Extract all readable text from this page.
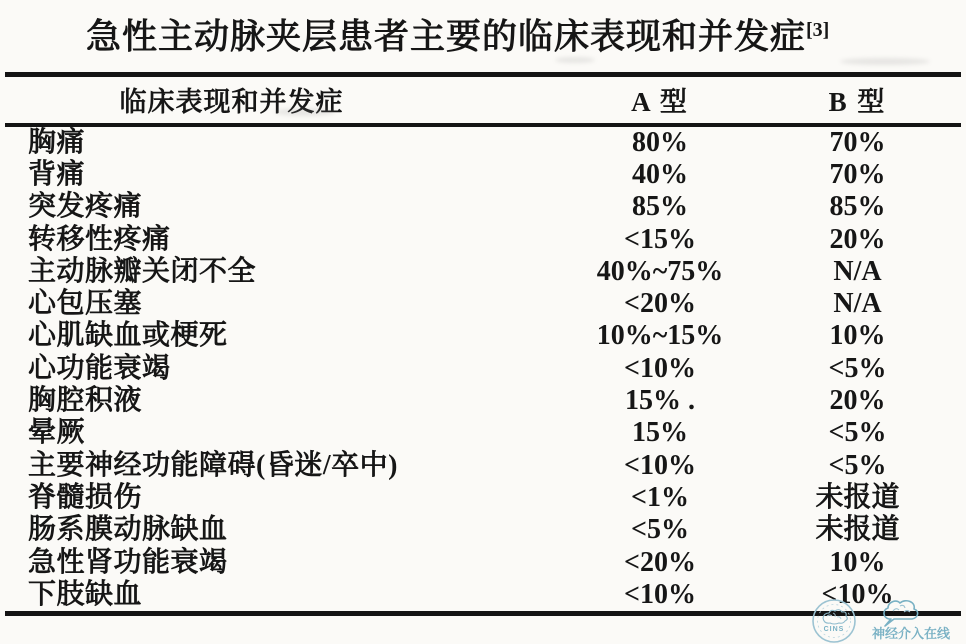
急性主动脉夹层患者主要的临床表现和并发症[3]
临床表现和并发症	A 型	B 型
胸痛	80%	70%
背痛	40%	70%
突发疼痛	85%	85%
转移性疼痛	<15%	20%
主动脉瓣关闭不全	40%~75%	N/A
心包压塞	<20%	N/A
心肌缺血或梗死	10%~15%	10%
心功能衰竭	<10%	<5%
胸腔积液	15% .	20%
晕厥	15%	<5%
主要神经功能障碍(昏迷/卒中)	<10%	<5%
脊髓损伤	<1%	未报道
肠系膜动脉缺血	<5%	未报道
急性肾功能衰竭	<20%	10%
下肢缺血	<10%	<10%
CINS 神经介入在线
